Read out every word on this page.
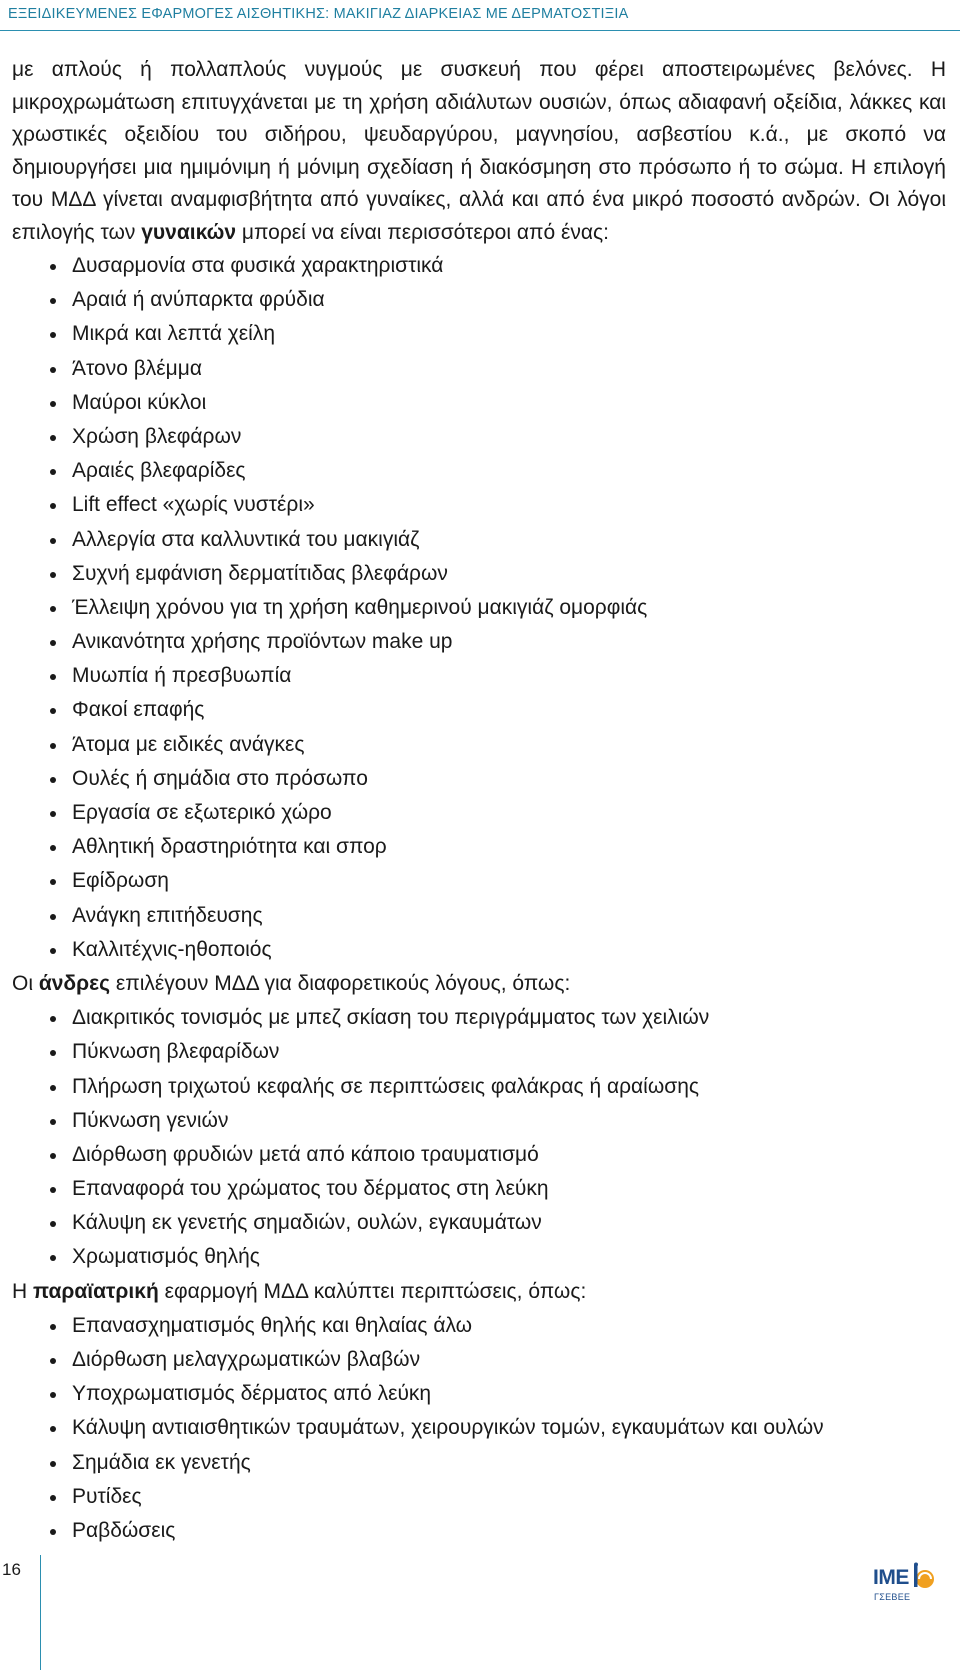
ΕΞΕΙΔΙΚΕΥΜΕΝΕΣ ΕΦΑΡΜΟΓΕΣ ΑΙΣΘΗΤΙΚΗΣ: ΜΑΚΙΓΙΑΖ ΔΙΑΡΚΕΙΑΣ ΜΕ ΔΕΡΜΑΤΟΣΤΙΞΙΑ

με απλούς ή πολλαπλούς νυγμούς με συσκευή που φέρει αποστειρωμένες βελόνες. Η μικροχρωμάτωση επιτυγχάνεται με τη χρήση αδιάλυτων ουσιών, όπως αδιαφανή οξείδια, λάκκες και χρωστικές οξειδίου του σιδήρου, ψευδαργύρου, μαγνησίου, ασβεστίου κ.ά., με σκοπό να δημιουργήσει μια ημιμόνιμη ή μόνιμη σχεδίαση ή διακόσμηση στο πρόσωπο ή το σώμα. Η επιλογή του ΜΔΔ γίνεται αναμφισβήτητα από γυναίκες, αλλά και από ένα μικρό ποσοστό ανδρών. Οι λόγοι επιλογής των γυναικών μπορεί να είναι περισσότεροι από ένας:

Δυσαρμονία στα φυσικά χαρακτηριστικά
Αραιά ή ανύπαρκτα φρύδια
Μικρά και λεπτά χείλη
Άτονο βλέμμα
Μαύροι κύκλοι
Χρώση βλεφάρων
Αραιές βλεφαρίδες
Lift effect «χωρίς νυστέρι»
Αλλεργία στα καλλυντικά του μακιγιάζ
Συχνή εμφάνιση δερματίτιδας βλεφάρων
Έλλειψη χρόνου για τη χρήση καθημερινού μακιγιάζ ομορφιάς
Ανικανότητα χρήσης προϊόντων make up
Μυωπία ή πρεσβυωπία
Φακοί επαφής
Άτομα με ειδικές ανάγκες
Ουλές ή σημάδια στο πρόσωπο
Εργασία σε εξωτερικό χώρο
Αθλητική δραστηριότητα και σπορ
Εφίδρωση
Ανάγκη επιτήδευσης
Καλλιτέχνις-ηθοποιός

Οι άνδρες επιλέγουν ΜΔΔ για διαφορετικούς λόγους, όπως:

Διακριτικός τονισμός με μπεζ σκίαση του περιγράμματος των χειλιών
Πύκνωση βλεφαρίδων
Πλήρωση τριχωτού κεφαλής σε περιπτώσεις φαλάκρας ή αραίωσης
Πύκνωση γενιών
Διόρθωση φρυδιών μετά από κάποιο τραυματισμό
Επαναφορά του χρώματος του δέρματος στη λεύκη
Κάλυψη εκ γενετής σημαδιών, ουλών, εγκαυμάτων
Χρωματισμός θηλής

Η παραϊατρική εφαρμογή ΜΔΔ καλύπτει περιπτώσεις, όπως:

Επανασχηματισμός θηλής και θηλαίας άλω
Διόρθωση μελαγχρωματικών βλαβών
Υποχρωματισμός δέρματος από λεύκη
Κάλυψη αντιαισθητικών τραυμάτων, χειρουργικών τομών, εγκαυμάτων και ουλών
Σημάδια εκ γενετής
Ρυτίδες
Ραβδώσεις
16	ΙΜΕ
ΓΣΕΒΕΕ
